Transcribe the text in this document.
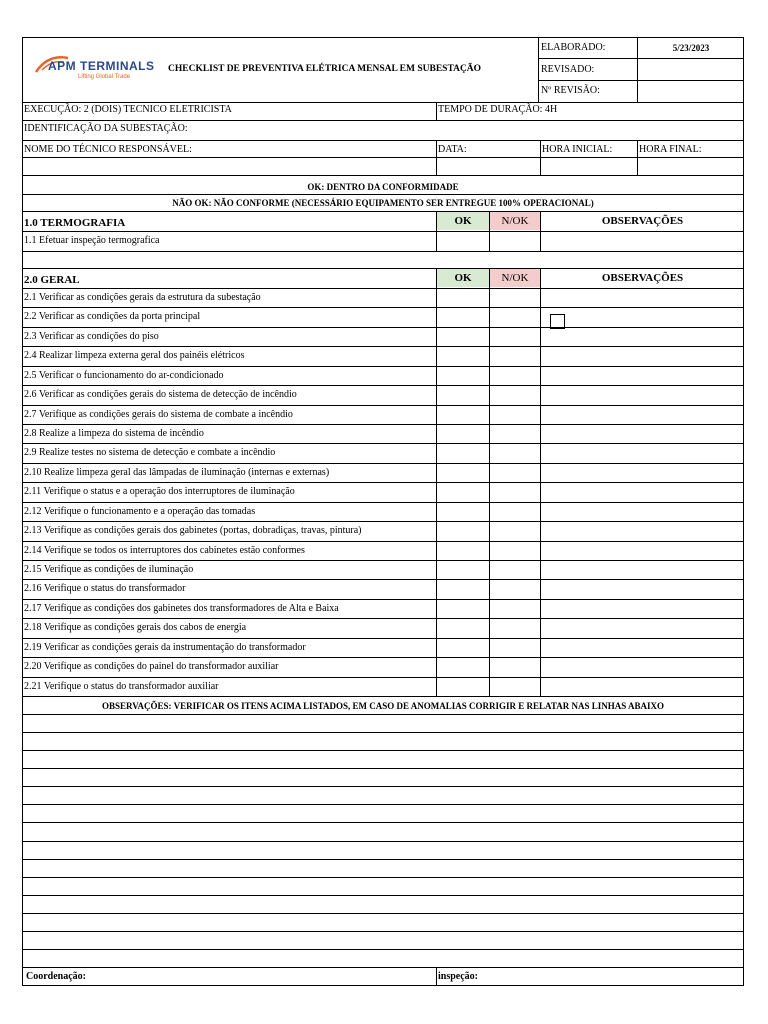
APM TERMINALS
Lifting Global Trade
CHECKLIST DE PREVENTIVA ELÉTRICA MENSAL EM SUBESTAÇÃO
ELABORADO:	5/23/2023
REVISADO:
Nº REVISÃO:
EXECUÇÃO: 2 (DOIS) TECNICO ELETRICISTA	TEMPO DE DURAÇÃO: 4H
IDENTIFICAÇÃO DA SUBESTAÇÃO:
NOME DO TÉCNICO RESPONSÁVEL:	DATA:	HORA INICIAL:	HORA FINAL:
OK: DENTRO DA CONFORMIDADE
NÃO OK: NÃO CONFORME (NECESSÁRIO EQUIPAMENTO SER ENTREGUE 100% OPERACIONAL)
1.0 TERMOGRAFIA	OK	N/OK	OBSERVAÇÕES
1.1 Efetuar inspeção termografica
2.0 GERAL	OK	N/OK	OBSERVAÇÕES
2.1 Verificar as condições gerais da estrutura da subestação
2.2 Verificar as condições da porta principal
2.3 Verificar as condições do piso
2.4 Realizar limpeza externa geral dos painéis elétricos
2.5 Verificar o funcionamento do ar-condicionado
2.6 Verificar as condições gerais do sistema de detecção de incêndio
2.7 Verifique as condições gerais do sistema de combate a incêndio
2.8 Realize a limpeza do sistema de incêndio
2.9 Realize testes no sistema de detecção e combate a incêndio
2.10 Realize limpeza geral das lâmpadas de iluminação (internas e externas)
2.11 Verifique o status e a operação dos interruptores de iluminação
2.12 Verifique o funcionamento e a operação das tomadas
2.13 Verifique as condições gerais dos gabinetes (portas, dobradiças, travas, pintura)
2.14 Verifique se todos os interruptores dos cabinetes estão conformes
2.15 Verifique as condições de iluminação
2.16 Verifique o status do transformador
2.17 Verifique as condições dos gabinetes dos transformadores de Alta e Baixa
2.18 Verifique as condições gerais dos cabos de energia
2.19 Verificar as condições gerais da instrumentação do transformador
2.20 Verifique as condições do painel do transformador auxiliar
2.21 Verifique o status do transformador auxiliar
OBSERVAÇÕES: VERIFICAR OS ITENS ACIMA LISTADOS, EM CASO DE ANOMALIAS CORRIGIR E RELATAR NAS LINHAS ABAIXO
Coordenação:	inspeção:
